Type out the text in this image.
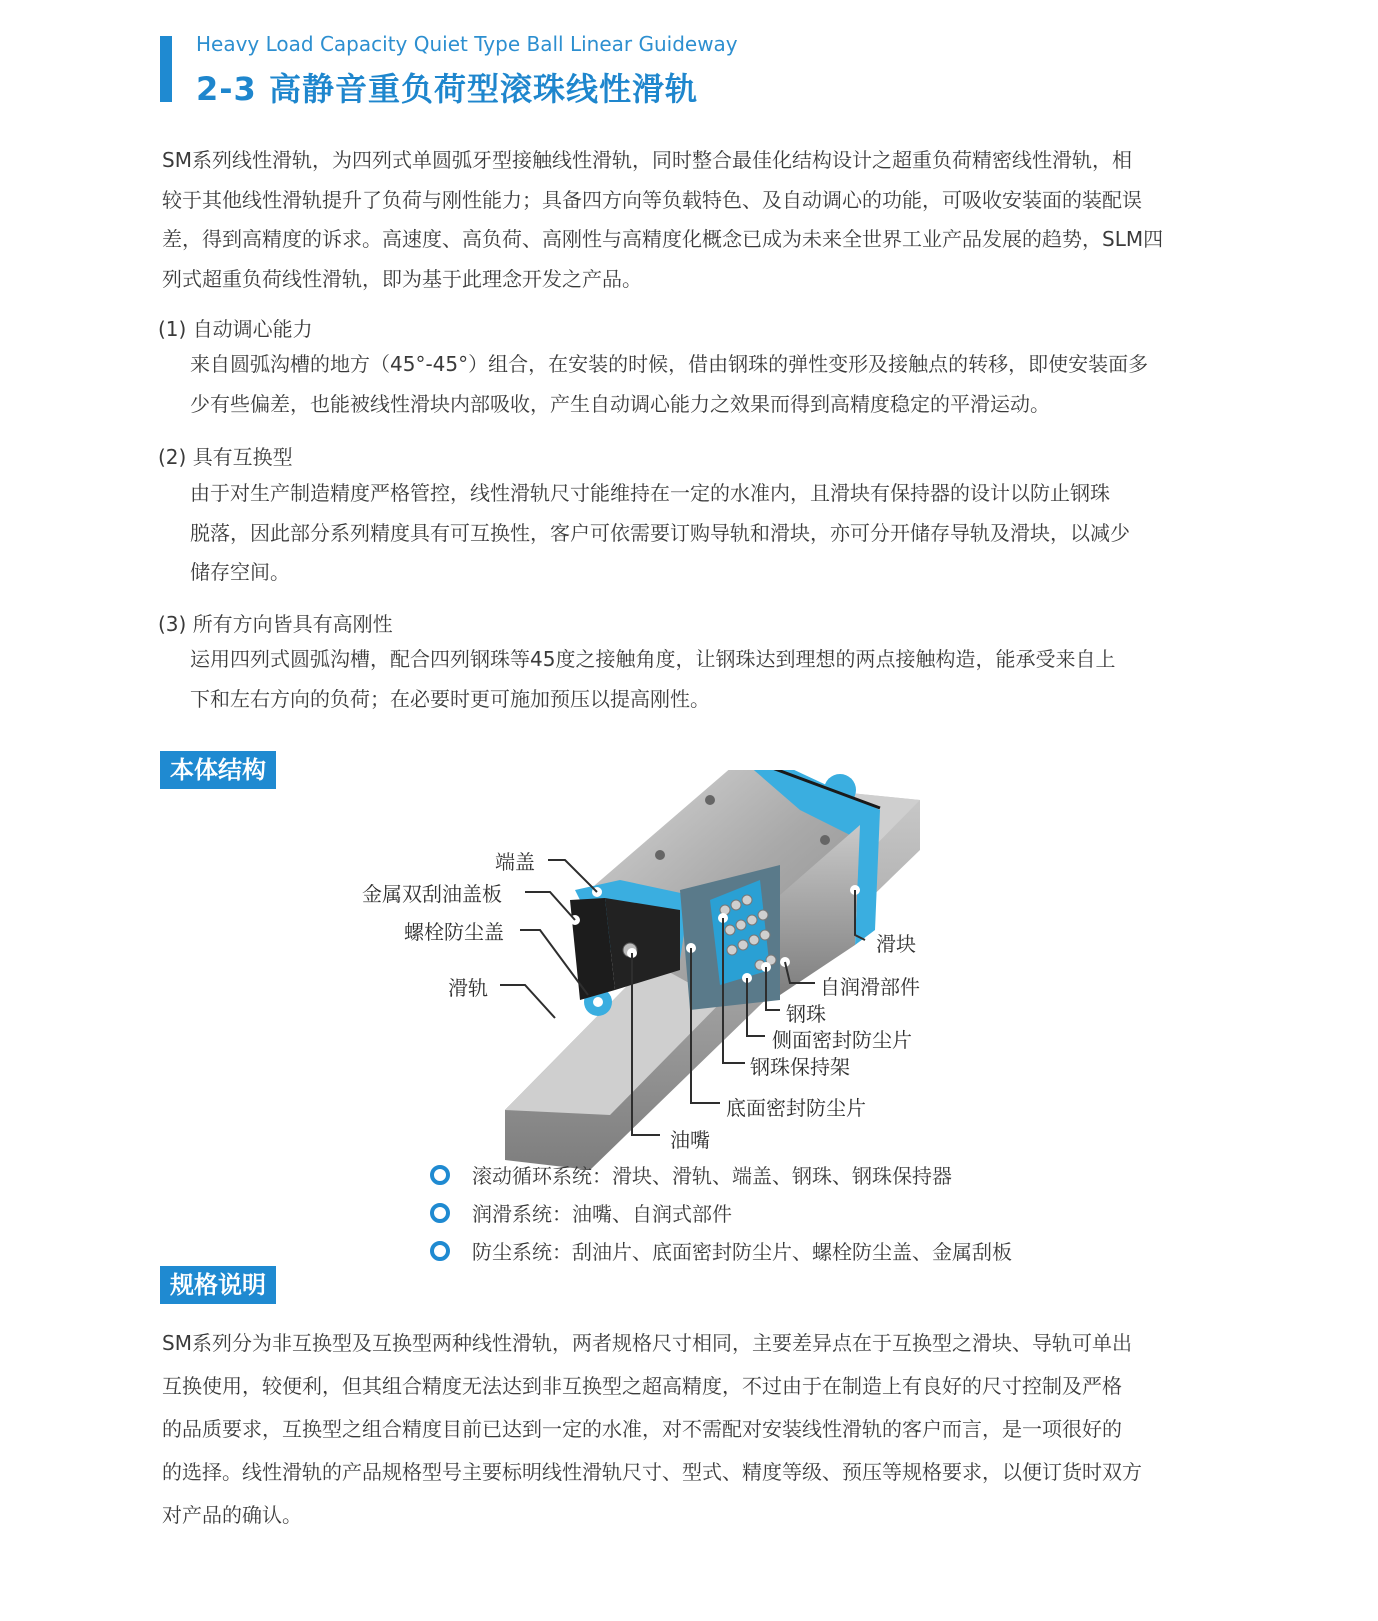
Heavy Load Capacity Quiet Type Ball Linear Guideway
2-3 高静音重负荷型滚珠线性滑轨
SM系列线性滑轨，为四列式单圆弧牙型接触线性滑轨，同时整合最佳化结构设计之超重负荷精密线性滑轨，相
较于其他线性滑轨提升了负荷与刚性能力；具备四方向等负载特色、及自动调心的功能，可吸收安装面的装配误
差，得到高精度的诉求。高速度、高负荷、高刚性与高精度化概念已成为未来全世界工业产品发展的趋势，SLM四
列式超重负荷线性滑轨，即为基于此理念开发之产品。
(1) 自动调心能力
来自圆弧沟槽的地方（45°-45°）组合，在安装的时候，借由钢珠的弹性变形及接触点的转移，即使安装面多
少有些偏差，也能被线性滑块内部吸收，产生自动调心能力之效果而得到高精度稳定的平滑运动。
(2) 具有互换型
由于对生产制造精度严格管控，线性滑轨尺寸能维持在一定的水准内，且滑块有保持器的设计以防止钢珠
脱落，因此部分系列精度具有可互换性，客户可依需要订购导轨和滑块，亦可分开储存导轨及滑块，以减少
储存空间。
(3) 所有方向皆具有高刚性
运用四列式圆弧沟槽，配合四列钢珠等45度之接触角度，让钢珠达到理想的两点接触构造，能承受来自上
下和左右方向的负荷；在必要时更可施加预压以提高刚性。
本体结构
端盖
金属双刮油盖板
螺栓防尘盖
滑轨
滑块
自润滑部件
钢珠
侧面密封防尘片
钢珠保持架
底面密封防尘片
油嘴
滚动循环系统：滑块、滑轨、端盖、钢珠、钢珠保持器
润滑系统：油嘴、自润式部件
防尘系统：刮油片、底面密封防尘片、螺栓防尘盖、金属刮板
规格说明
SM系列分为非互换型及互换型两种线性滑轨，两者规格尺寸相同，主要差异点在于互换型之滑块、导轨可单出
互换使用，较便利，但其组合精度无法达到非互换型之超高精度，不过由于在制造上有良好的尺寸控制及严格
的品质要求，互换型之组合精度目前已达到一定的水准，对不需配对安装线性滑轨的客户而言，是一项很好的
的选择。线性滑轨的产品规格型号主要标明线性滑轨尺寸、型式、精度等级、预压等规格要求，以便订货时双方
对产品的确认。
